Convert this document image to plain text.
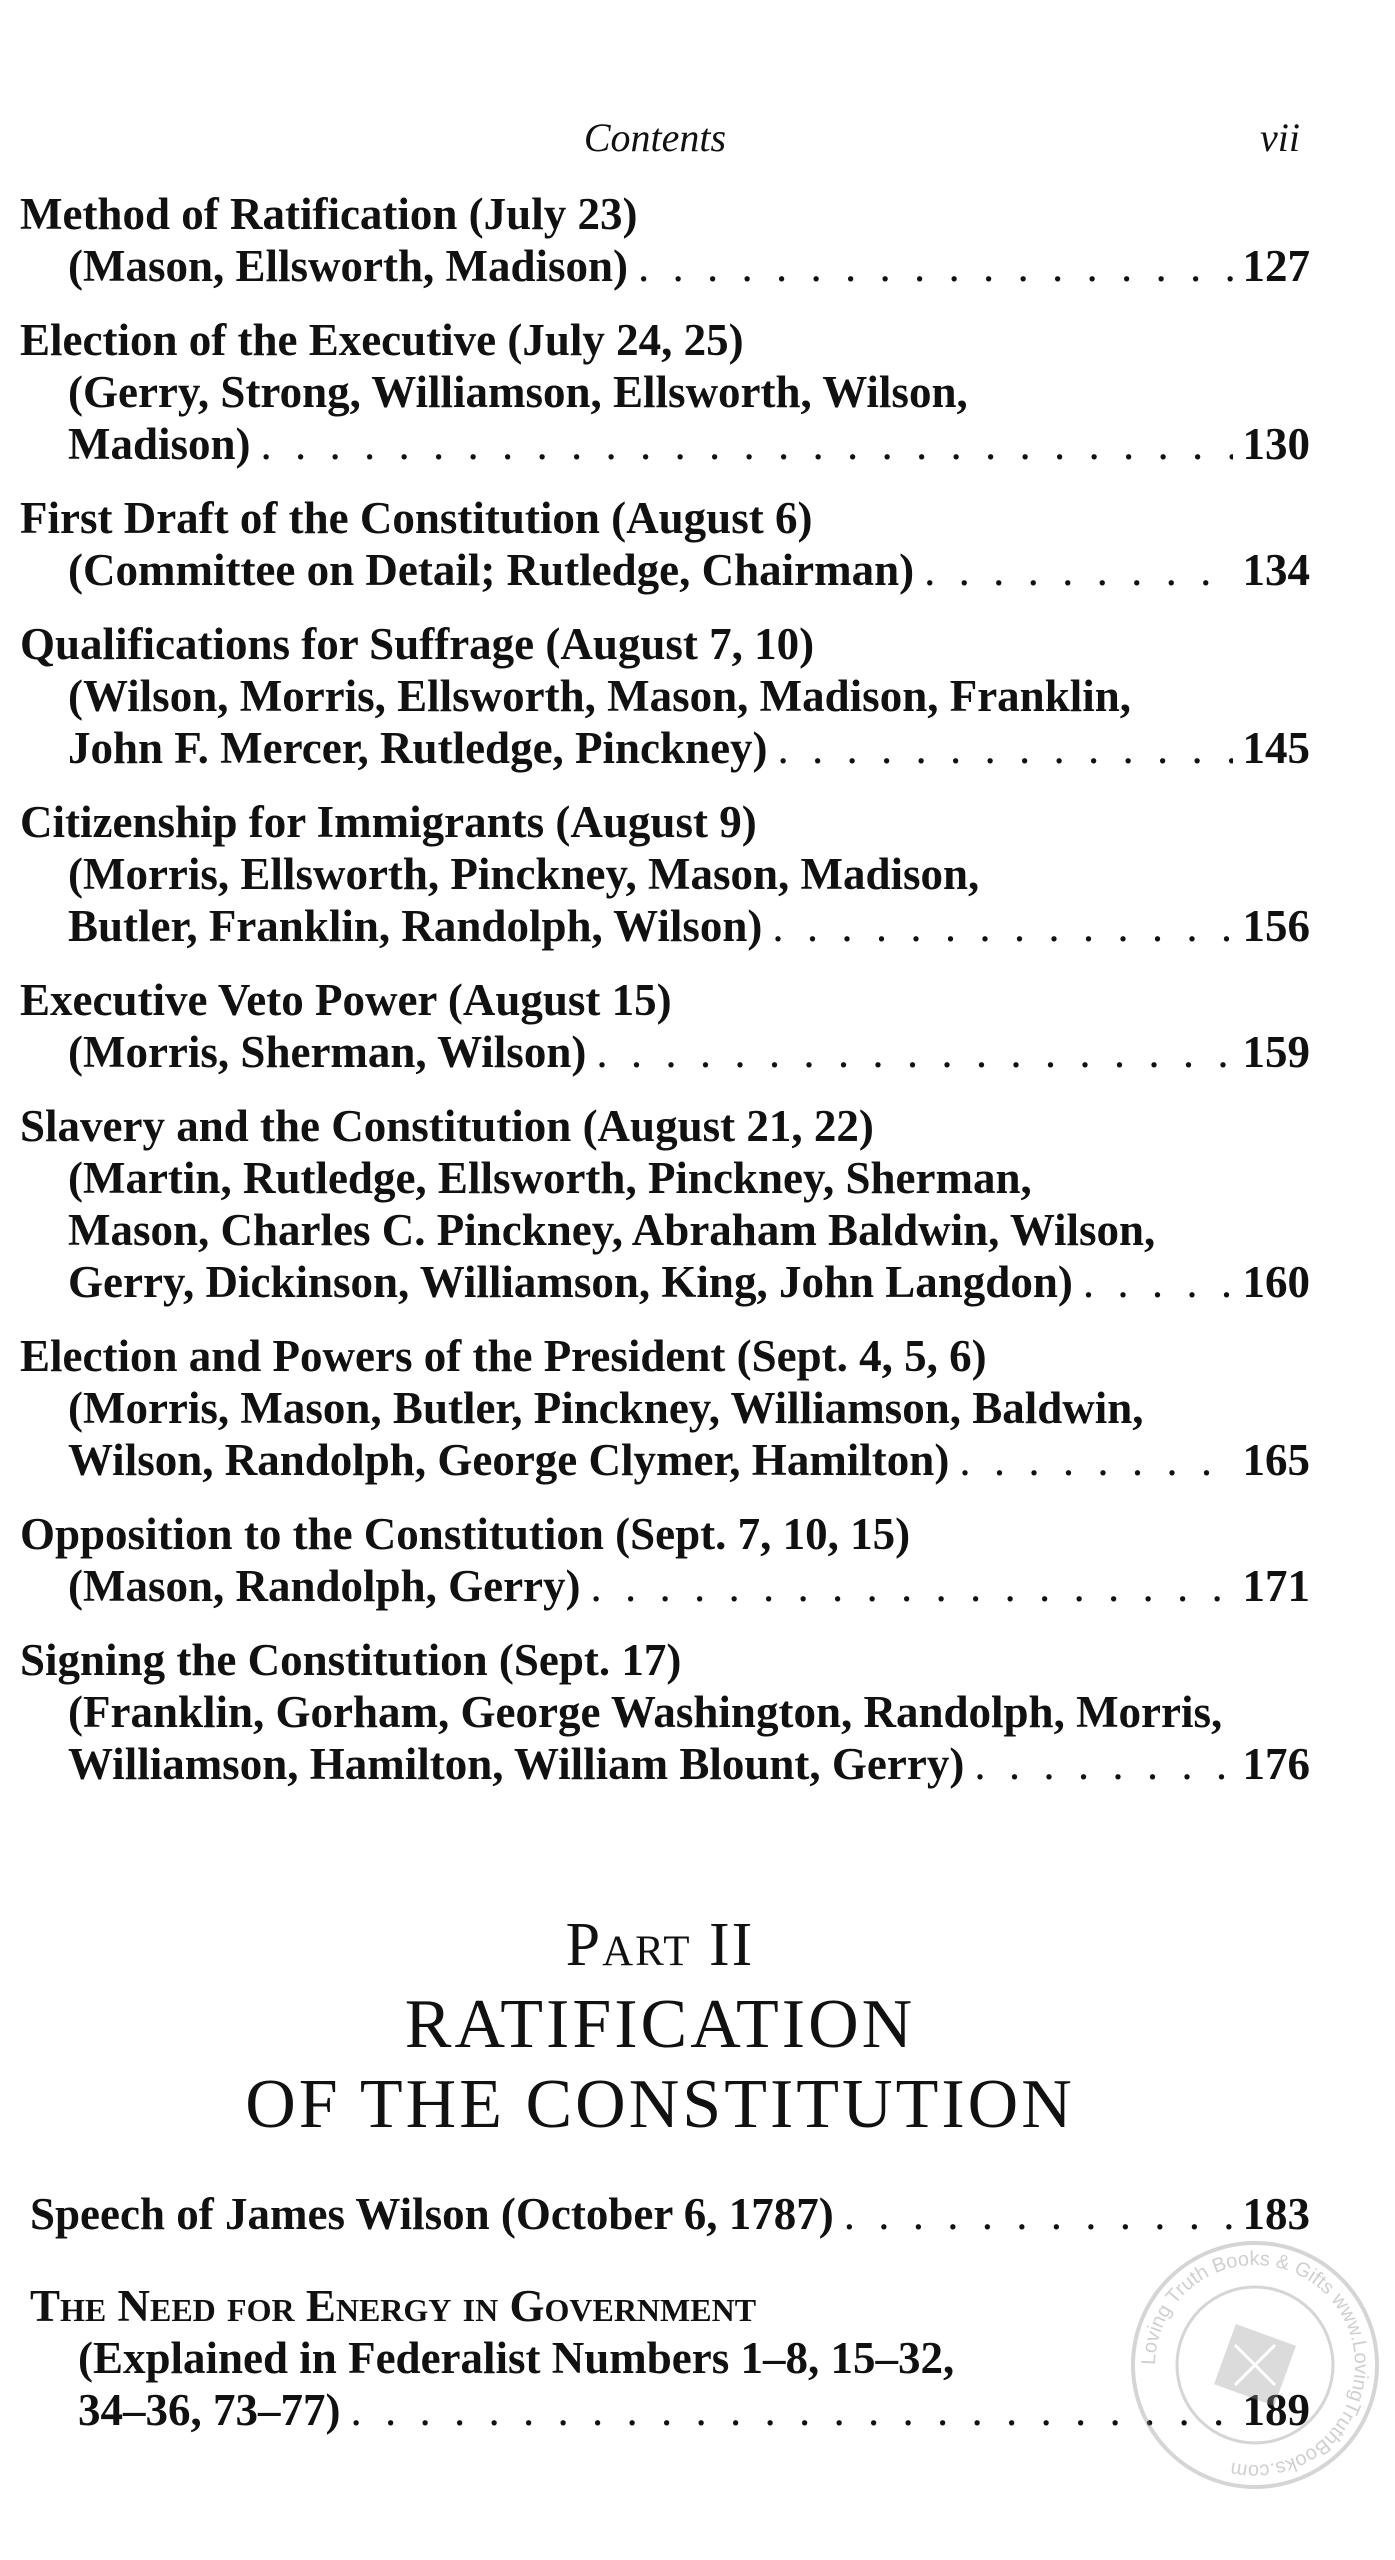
Contents	vii
Method of Ratification (July 23)
(Mason, Ellsworth, Madison) . . .	127
Election of the Executive (July 24, 25)
(Gerry, Strong, Williamson, Ellsworth, Wilson,
Madison) . . .	130
First Draft of the Constitution (August 6)
(Committee on Detail; Rutledge, Chairman) . . .	134
Qualifications for Suffrage (August 7, 10)
(Wilson, Morris, Ellsworth, Mason, Madison, Franklin,
John F. Mercer, Rutledge, Pinckney) . . .	145
Citizenship for Immigrants (August 9)
(Morris, Ellsworth, Pinckney, Mason, Madison,
Butler, Franklin, Randolph, Wilson) . . .	156
Executive Veto Power (August 15)
(Morris, Sherman, Wilson) . . .	159
Slavery and the Constitution (August 21, 22)
(Martin, Rutledge, Ellsworth, Pinckney, Sherman,
Mason, Charles C. Pinckney, Abraham Baldwin, Wilson,
Gerry, Dickinson, Williamson, King, John Langdon) . . .	160
Election and Powers of the President (Sept. 4, 5, 6)
(Morris, Mason, Butler, Pinckney, Williamson, Baldwin,
Wilson, Randolph, George Clymer, Hamilton) . . .	165
Opposition to the Constitution (Sept. 7, 10, 15)
(Mason, Randolph, Gerry) . . .	171
Signing the Constitution (Sept. 17)
(Franklin, Gorham, George Washington, Randolph, Morris,
Williamson, Hamilton, William Blount, Gerry) . . .	176
Part II
RATIFICATION
OF THE CONSTITUTION
Speech of James Wilson (October 6, 1787) . . .	183
The Need for Energy in Government
(Explained in Federalist Numbers 1–8, 15–32,
34–36, 73–77) . . .	189
Loving Truth Books & Gifts www.LovingTruthBooks.com
